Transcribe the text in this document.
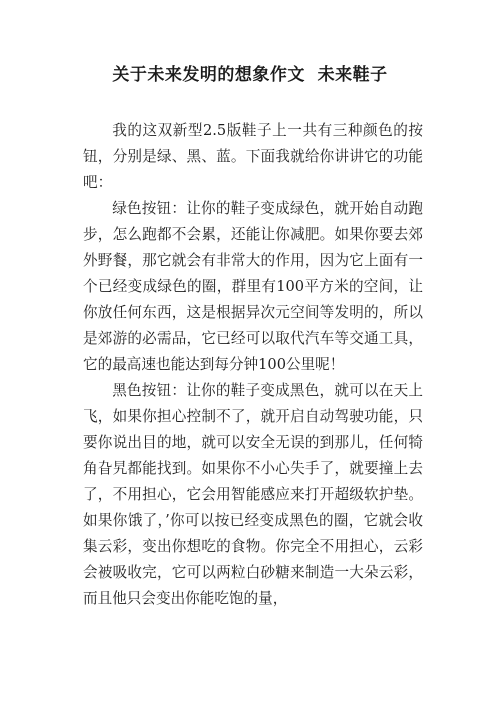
关于未来发明的想象作文  未来鞋子

我的这双新型2.5版鞋子上一共有三种颜色的按钮，分别是绿、黑、蓝。下面我就给你讲讲它的功能吧：

绿色按钮：让你的鞋子变成绿色，就开始自动跑步，怎么跑都不会累，还能让你减肥。如果你要去郊外野餐，那它就会有非常大的作用，因为它上面有一个已经变成绿色的圈，群里有100平方米的空间，让你放任何东西，这是根据异次元空间等发明的，所以是郊游的必需品，它已经可以取代汽车等交通工具，它的最高速也能达到每分钟100公里呢！

黑色按钮：让你的鞋子变成黑色，就可以在天上飞，如果你担心控制不了，就开启自动驾驶功能，只要你说出目的地，就可以安全无误的到那儿，任何犄角旮旯都能找到。如果你不小心失手了，就要撞上去了，不用担心，它会用智能感应来打开超级软护垫。如果你饿了，’你可以按已经变成黑色的圈，它就会收集云彩，变出你想吃的食物。你完全不用担心，云彩会被吸收完，它可以两粒白砂糖来制造一大朵云彩，而且他只会变出你能吃饱的量，
